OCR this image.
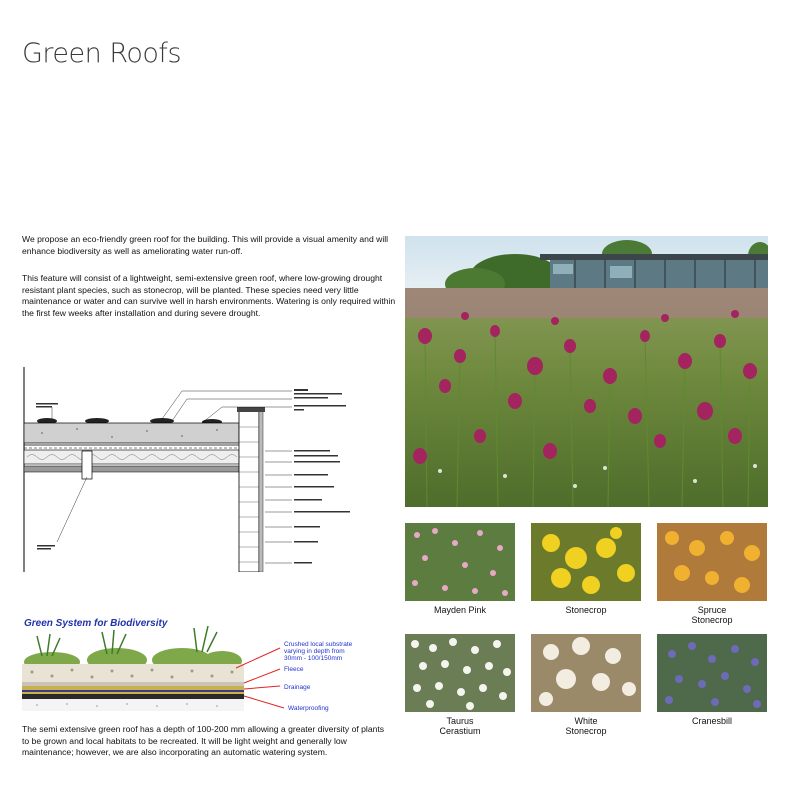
Green Roofs

We propose an eco-friendly green roof for the building. This will provide a visual amenity and will enhance biodiversity as well as ameliorating water run-off.

This feature will consist of a lightweight, semi-extensive green roof, where low-growing drought resistant plant species, such as stonecrop, will be planted. These species need very little maintenance or water and can survive well in harsh environments. Watering is only required within the first few weeks after installation and during severe drought.

Mayden Pink	Stonecrop	Spruce
Stonecrop
Taurus
Cerastium
White
Stonecrop
Cranesbill
Green System for Biodiversity
Crushed local substrate varying in depth from 30mm - 100/150mm
Fleece
Drainage
Waterproofing

The semi extensive green roof has a depth of 100-200 mm allowing a greater diversity of plants to be grown and local habitats to be recreated. It will be light weight and generally low maintenance; however, we are also incorporating an automatic watering system.
